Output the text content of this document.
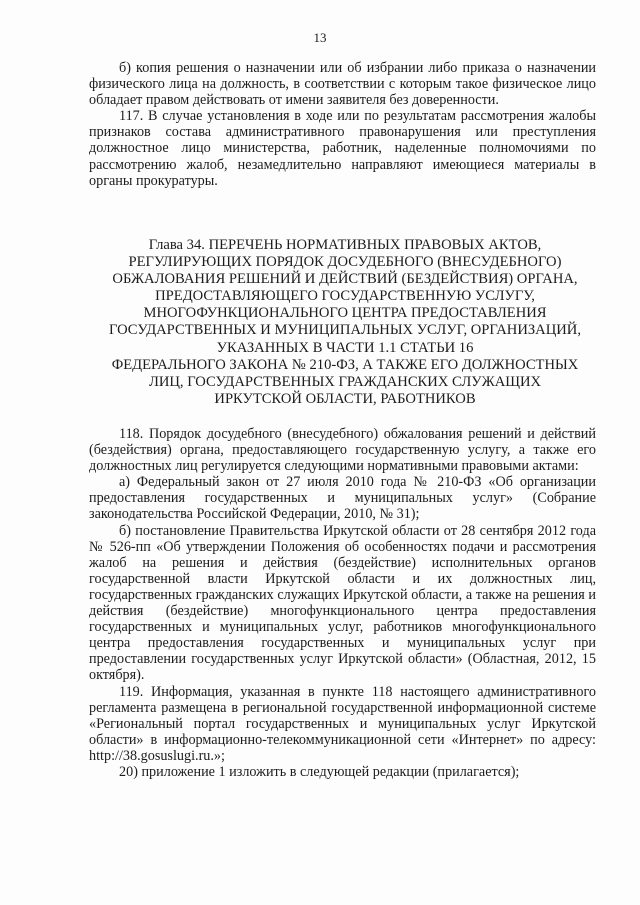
13

б) копия решения о назначении или об избрании либо приказа о назначении физического лица на должность, в соответствии с которым такое физическое лицо обладает правом действовать от имени заявителя без доверенности.

117. В случае установления в ходе или по результатам рассмотрения жалобы признаков состава административного правонарушения или преступления должностное лицо министерства, работник, наделенные полномочиями по рассмотрению жалоб, незамедлительно направляют имеющиеся материалы в органы прокуратуры.

Глава 34. ПЕРЕЧЕНЬ НОРМАТИВНЫХ ПРАВОВЫХ АКТОВ,
РЕГУЛИРУЮЩИХ ПОРЯДОК ДОСУДЕБНОГО (ВНЕСУДЕБНОГО)
ОБЖАЛОВАНИЯ РЕШЕНИЙ И ДЕЙСТВИЙ (БЕЗДЕЙСТВИЯ) ОРГАНА,
ПРЕДОСТАВЛЯЮЩЕГО ГОСУДАРСТВЕННУЮ УСЛУГУ,
МНОГОФУНКЦИОНАЛЬНОГО ЦЕНТРА ПРЕДОСТАВЛЕНИЯ
ГОСУДАРСТВЕННЫХ И МУНИЦИПАЛЬНЫХ УСЛУГ, ОРГАНИЗАЦИЙ,
УКАЗАННЫХ В ЧАСТИ 1.1 СТАТЬИ 16
ФЕДЕРАЛЬНОГО ЗАКОНА № 210-ФЗ, А ТАКЖЕ ЕГО ДОЛЖНОСТНЫХ
ЛИЦ, ГОСУДАРСТВЕННЫХ ГРАЖДАНСКИХ СЛУЖАЩИХ
ИРКУТСКОЙ ОБЛАСТИ, РАБОТНИКОВ

118. Порядок досудебного (внесудебного) обжалования решений и действий (бездействия) органа, предоставляющего государственную услугу, а также его должностных лиц регулируется следующими нормативными правовыми актами:

а) Федеральный закон от 27 июля 2010 года № 210-ФЗ «Об организации предоставления государственных и муниципальных услуг» (Собрание законодательства Российской Федерации, 2010, № 31);

б) постановление Правительства Иркутской области от 28 сентября 2012 года № 526-пп «Об утверждении Положения об особенностях подачи и рассмотрения жалоб на решения и действия (бездействие) исполнительных органов государственной власти Иркутской области и их должностных лиц, государственных гражданских служащих Иркутской области, а также на решения и действия (бездействие) многофункционального центра предоставления государственных и муниципальных услуг, работников многофункционального центра предоставления государственных и муниципальных услуг при предоставлении государственных услуг Иркутской области» (Областная, 2012, 15 октября).

119. Информация, указанная в пункте 118 настоящего административного регламента размещена в региональной государственной информационной системе «Региональный портал государственных и муниципальных услуг Иркутской области» в информационно-телекоммуникационной сети «Интернет» по адресу: http://38.gosuslugi.ru.»;

20) приложение 1 изложить в следующей редакции (прилагается);
